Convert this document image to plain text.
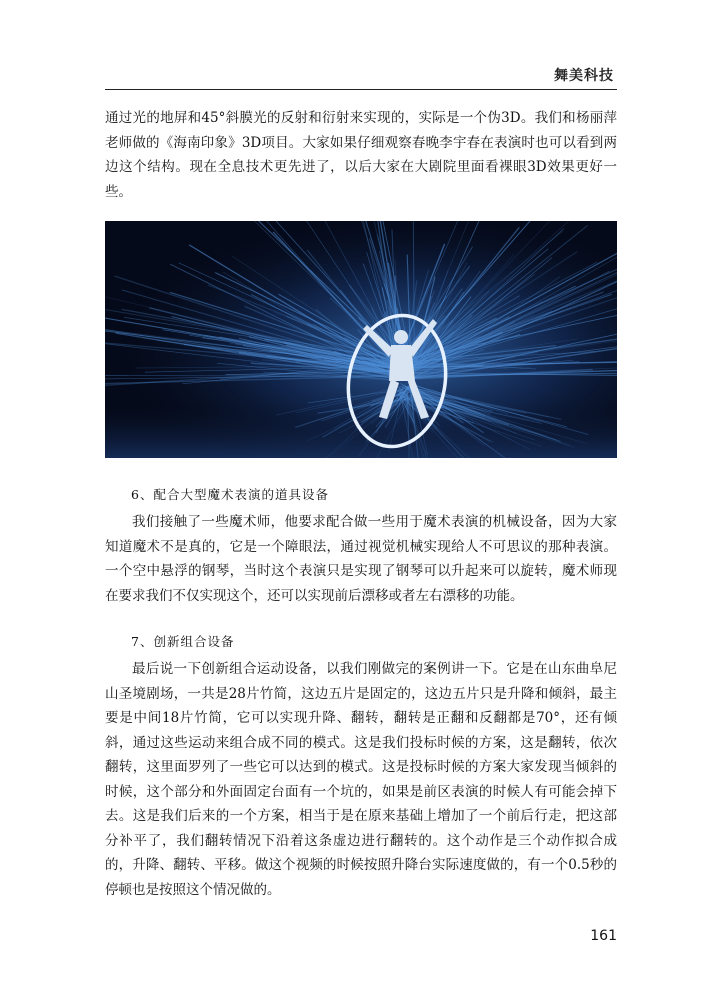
舞美科技

通过光的地屏和45°斜膜光的反射和衍射来实现的，实际是一个伪3D。我们和杨丽萍老师做的《海南印象》3D项目。大家如果仔细观察春晚李宇春在表演时也可以看到两边这个结构。现在全息技术更先进了，以后大家在大剧院里面看裸眼3D效果更好一些。

6、配合大型魔术表演的道具设备

我们接触了一些魔术师，他要求配合做一些用于魔术表演的机械设备，因为大家知道魔术不是真的，它是一个障眼法，通过视觉机械实现给人不可思议的那种表演。一个空中悬浮的钢琴，当时这个表演只是实现了钢琴可以升起来可以旋转，魔术师现在要求我们不仅实现这个，还可以实现前后漂移或者左右漂移的功能。

7、创新组合设备

最后说一下创新组合运动设备，以我们刚做完的案例讲一下。它是在山东曲阜尼山圣境剧场，一共是28片竹简，这边五片是固定的，这边五片只是升降和倾斜，最主要是中间18片竹简，它可以实现升降、翻转，翻转是正翻和反翻都是70°，还有倾斜，通过这些运动来组合成不同的模式。这是我们投标时候的方案，这是翻转，依次翻转，这里面罗列了一些它可以达到的模式。这是投标时候的方案大家发现当倾斜的时候，这个部分和外面固定台面有一个坑的，如果是前区表演的时候人有可能会掉下去。这是我们后来的一个方案，相当于是在原来基础上增加了一个前后行走，把这部分补平了，我们翻转情况下沿着这条虚边进行翻转的。这个动作是三个动作拟合成的，升降、翻转、平移。做这个视频的时候按照升降台实际速度做的，有一个0.5秒的停顿也是按照这个情况做的。

161
